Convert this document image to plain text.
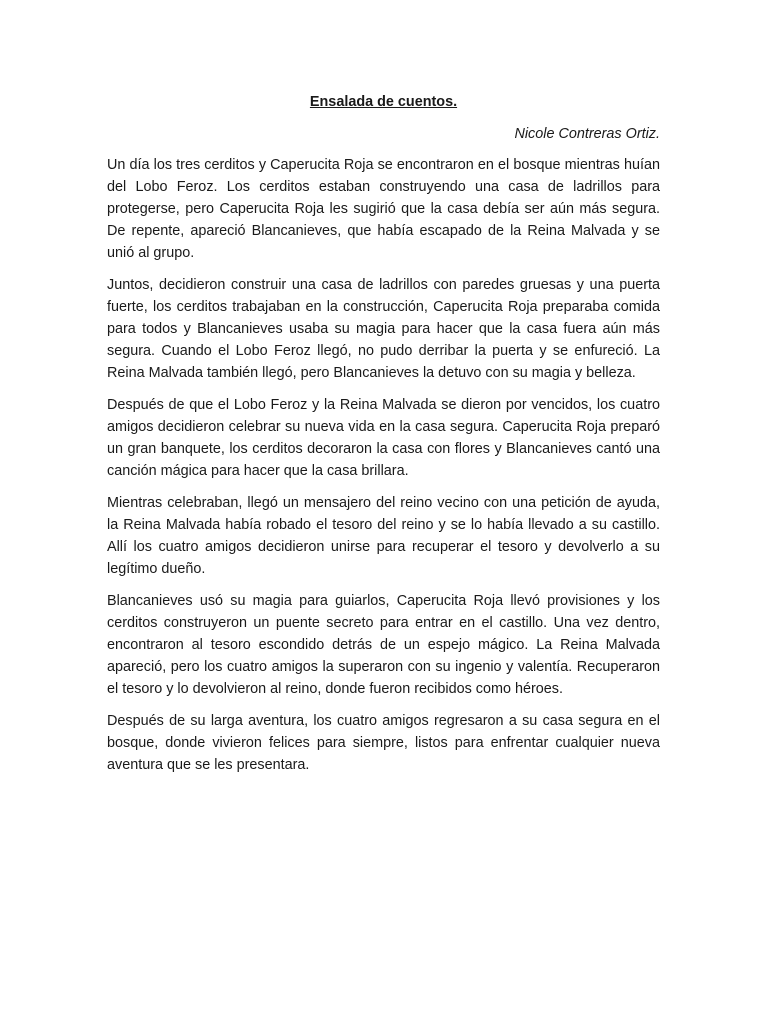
Ensalada de cuentos.
Nicole Contreras Ortiz.

Un día los tres cerditos y Caperucita Roja se encontraron en el bosque mientras huían del Lobo Feroz. Los cerditos estaban construyendo una casa de ladrillos para protegerse, pero Caperucita Roja les sugirió que la casa debía ser aún más segura. De repente, apareció Blancanieves, que había escapado de la Reina Malvada y se unió al grupo.

Juntos, decidieron construir una casa de ladrillos con paredes gruesas y una puerta fuerte, los cerditos trabajaban en la construcción, Caperucita Roja preparaba comida para todos y Blancanieves usaba su magia para hacer que la casa fuera aún más segura. Cuando el Lobo Feroz llegó, no pudo derribar la puerta y se enfureció. La Reina Malvada también llegó, pero Blancanieves la detuvo con su magia y belleza.

Después de que el Lobo Feroz y la Reina Malvada se dieron por vencidos, los cuatro amigos decidieron celebrar su nueva vida en la casa segura. Caperucita Roja preparó un gran banquete, los cerditos decoraron la casa con flores y Blancanieves cantó una canción mágica para hacer que la casa brillara.

Mientras celebraban, llegó un mensajero del reino vecino con una petición de ayuda, la Reina Malvada había robado el tesoro del reino y se lo había llevado a su castillo. Allí los cuatro amigos decidieron unirse para recuperar el tesoro y devolverlo a su legítimo dueño.

Blancanieves usó su magia para guiarlos, Caperucita Roja llevó provisiones y los cerditos construyeron un puente secreto para entrar en el castillo. Una vez dentro, encontraron al tesoro escondido detrás de un espejo mágico. La Reina Malvada apareció, pero los cuatro amigos la superaron con su ingenio y valentía. Recuperaron el tesoro y lo devolvieron al reino, donde fueron recibidos como héroes.

Después de su larga aventura, los cuatro amigos regresaron a su casa segura en el bosque, donde vivieron felices para siempre, listos para enfrentar cualquier nueva aventura que se les presentara.
